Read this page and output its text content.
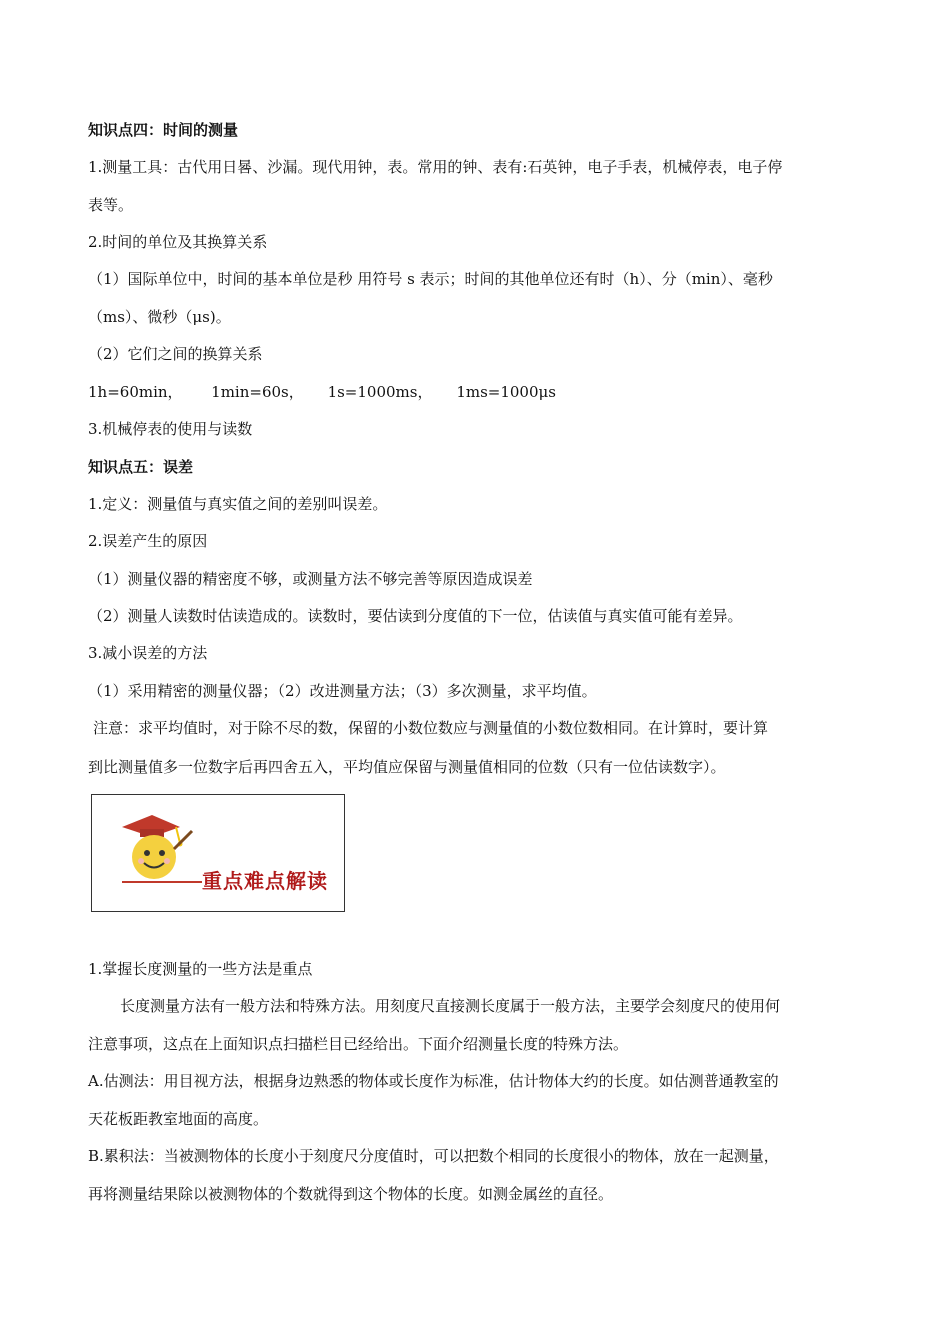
知识点四：时间的测量
1.测量工具：古代用日晷、沙漏。现代用钟，表。常用的钟、表有:石英钟，电子手表，机械停表，电子停
表等。
2.时间的单位及其换算关系
（1）国际单位中，时间的基本单位是秒 用符号 s 表示；时间的其他单位还有时（h）、分（min）、毫秒
（ms）、微秒（μs)。
（2）它们之间的换算关系
1h=60min，      1min=60s，     1s=1000ms，     1ms=1000μs
3.机械停表的使用与读数
知识点五：误差
1.定义：测量值与真实值之间的差别叫误差。
2.误差产生的原因
（1）测量仪器的精密度不够，或测量方法不够完善等原因造成误差
（2）测量人读数时估读造成的。读数时，要估读到分度值的下一位，估读值与真实值可能有差异。
3.减小误差的方法
（1）采用精密的测量仪器；（2）改进测量方法；（3）多次测量，求平均值。
注意：求平均值时，对于除不尽的数，保留的小数位数应与测量值的小数位数相同。在计算时，要计算
到比测量值多一位数字后再四舍五入，平均值应保留与测量值相同的位数（只有一位估读数字）。
重点难点解读
1.掌握长度测量的一些方法是重点
长度测量方法有一般方法和特殊方法。用刻度尺直接测长度属于一般方法，主要学会刻度尺的使用何
注意事项，这点在上面知识点扫描栏目已经给出。下面介绍测量长度的特殊方法。
A.估测法：用目视方法，根据身边熟悉的物体或长度作为标准，估计物体大约的长度。如估测普通教室的
天花板距教室地面的高度。
B.累积法：当被测物体的长度小于刻度尺分度值时，可以把数个相同的长度很小的物体，放在一起测量，
再将测量结果除以被测物体的个数就得到这个物体的长度。如测金属丝的直径。
